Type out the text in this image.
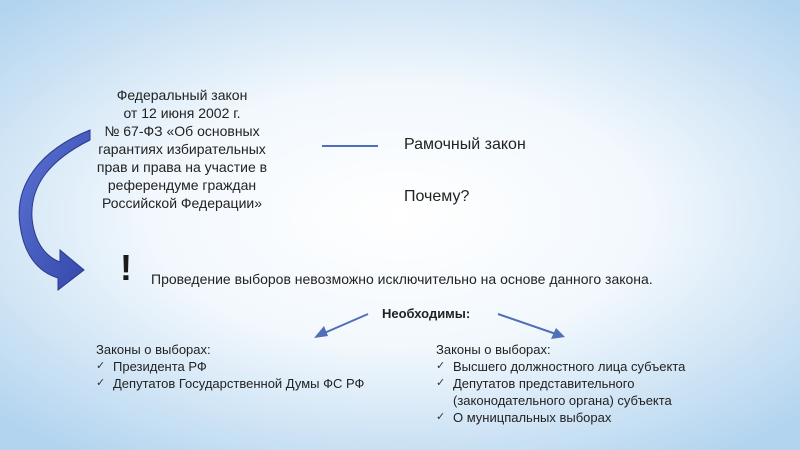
Федеральный закон
от 12 июня 2002 г.
№ 67-ФЗ «Об основных
гарантиях избирательных
прав и права на участие в
референдуме граждан
Российской Федерации»
Рамочный закон
Почему?
! Проведение выборов невозможно исключительно на основе данного закона.
Необходимы:
Законы о выборах:
✓ Президента РФ
✓ Депутатов Государственной Думы ФС РФ
Законы о выборах:
✓ Высшего должностного лица субъекта
✓ Депутатов представительного (законодательного органа) субъекта
✓ О муницпальных выборах
